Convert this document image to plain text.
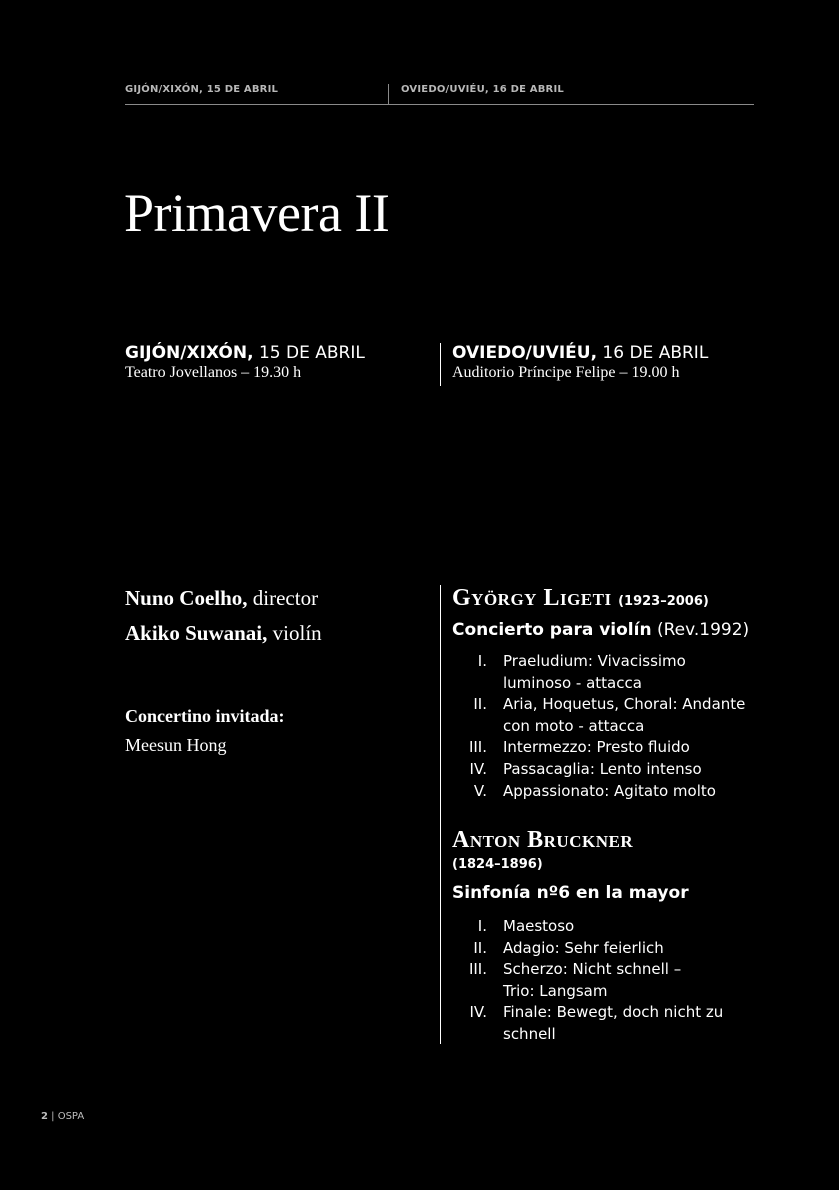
GIJÓN/XIXÓN, 15 DE ABRIL	OVIEDO/UVIÉU, 16 DE ABRIL
Primavera II
GIJÓN/XIXÓN, 15 DE ABRIL
Teatro Jovellanos – 19.30 h
OVIEDO/UVIÉU, 16 DE ABRIL
Auditorio Príncipe Felipe – 19.00 h
Nuno Coelho, director
Akiko Suwanai, violín
Concertino invitada:
Meesun Hong
György Ligeti (1923–2006)
Concierto para violín (Rev.1992)
I. Praeludium: Vivacissimo luminoso - attacca
II. Aria, Hoquetus, Choral: Andante con moto - attacca
III. Intermezzo: Presto fluido
IV. Passacaglia: Lento intenso
V. Appassionato: Agitato molto
Anton Bruckner
(1824–1896)
Sinfonía nº6 en la mayor
I. Maestoso
II. Adagio: Sehr feierlich
III. Scherzo: Nicht schnell – Trio: Langsam
IV. Finale: Bewegt, doch nicht zu schnell
2 | OSPA
